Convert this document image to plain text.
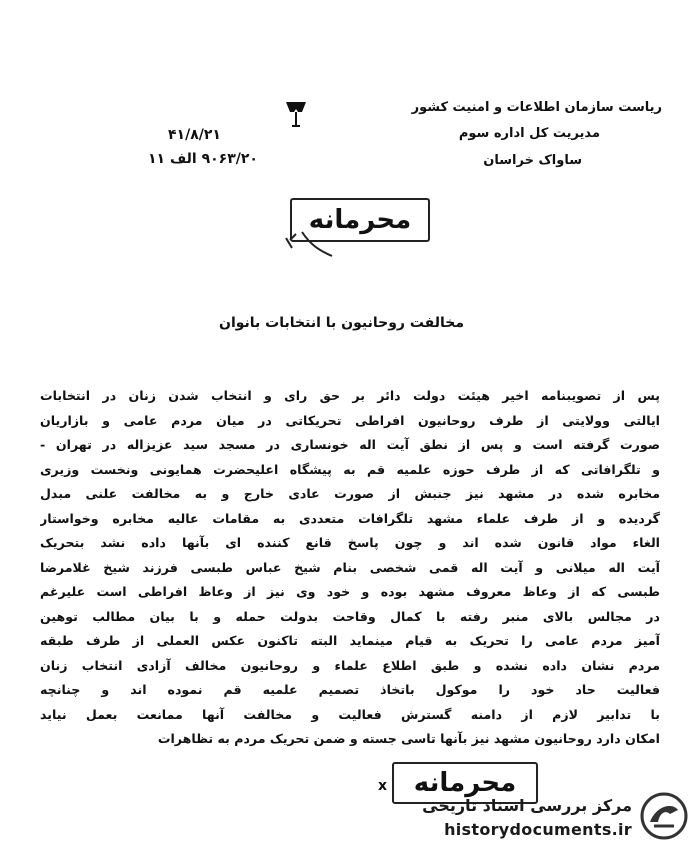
ریاست سازمان اطلاعات و امنیت کشور
مدیریت کل اداره سوم
ساواک خراسان
۴۱/۸/۲۱
۹۰۶۳/۲۰ الف ۱۱
محرمانه
مخالفت روحانیون با انتخابات بانوان
پس از تصویبنامه اخیر هیئت دولت دائر بر حق رای و انتخاب شدن زنان در انتخابات
ایالتی وولایتی از طرف روحانیون افراطی تحریکاتی در میان مردم عامی و بازاریان
صورت گرفته است و پس از نطق آیت اله خونساری در مسجد سید عزیزاله در تهران -
و تلگرافاتی که از طرف حوزه علمیه قم به پیشگاه اعلیحضرت همایونی ونخست وزیری
مخابره شده در مشهد نیز جنبش از صورت عادی خارج و به مخالفت علنی مبدل
گردیده و از طرف علماء مشهد تلگرافات متعددی به مقامات عالیه مخابره وخواستار
الغاء مواد قانون شده اند و چون پاسخ قانع کننده ای بآنها داده نشد بتحریک
آیت اله میلانی و آیت اله قمی شخصی بنام شیخ عباس طبسی فرزند شیخ غلامرضا
طبسی که از وعاظ معروف مشهد بوده و خود وی نیز از وعاظ افراطی است علیرغم
در مجالس بالای منبر رفته با کمال وقاحت بدولت حمله و با بیان مطالب توهین
آمیز مردم عامی را تحریک به قیام مینماید البته تاکنون عکس العملی از طرف طبقه
مردم نشان داده نشده و طبق اطلاع علماء و روحانیون مخالف آزادی انتخاب زنان
فعالیت حاد خود را موکول باتخاذ تصمیم علمیه قم نموده اند و چنانچه
با تدابیر لازم از دامنه گسترش فعالیت و مخالفت آنها ممانعت بعمل نیاید
امکان دارد روحانیون مشهد نیز بآنها تاسی جسته و ضمن تحریک مردم به تظاهرات
x	محرمانه
مرکز بررسی اسناد تاریخی
historydocuments.ir
